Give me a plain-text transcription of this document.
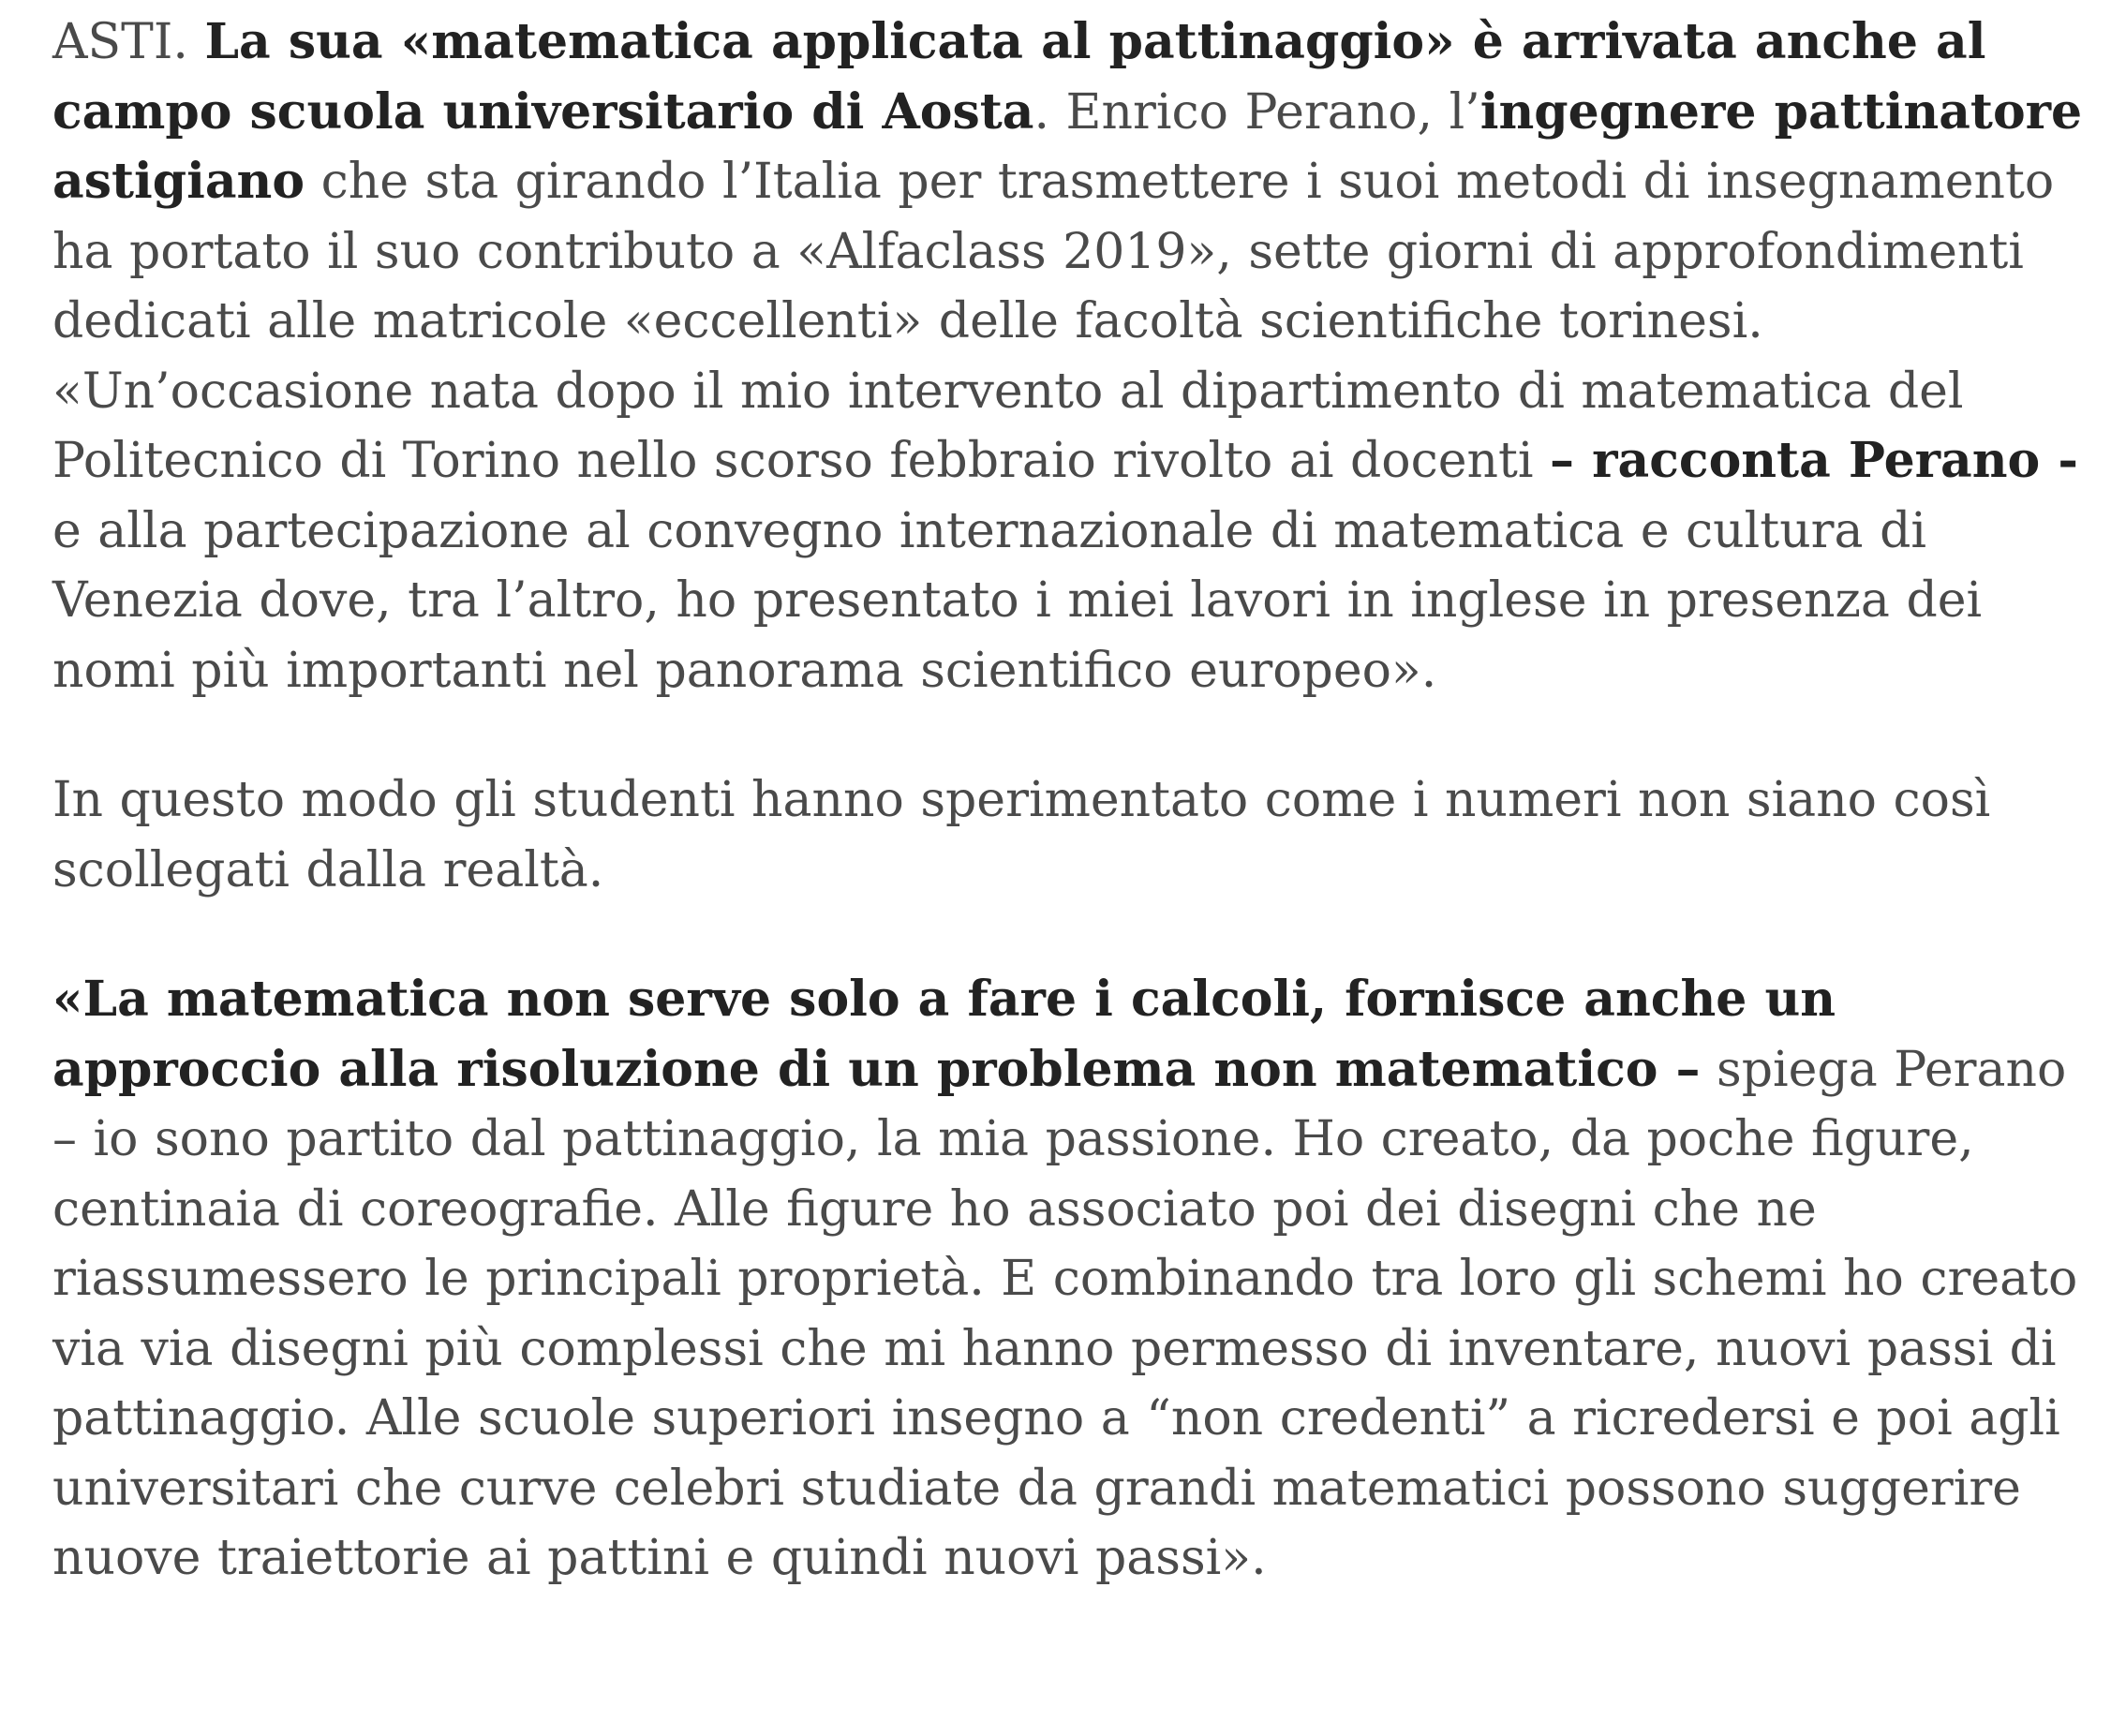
ASTI. La sua «matematica applicata al pattinaggio» è arrivata anche al campo scuola universitario di Aosta. Enrico Perano, l’ingegnere pattinatore astigiano che sta girando l’Italia per trasmettere i suoi metodi di insegnamento ha portato il suo contributo a «Alfaclass 2019», sette giorni di approfondimenti dedicati alle matricole «eccellenti» delle facoltà scientifiche torinesi. «Un’occasione nata dopo il mio intervento al dipartimento di matematica del Politecnico di Torino nello scorso febbraio rivolto ai docenti – racconta Perano - e alla partecipazione al convegno internazionale di matematica e cultura di Venezia dove, tra l’altro, ho presentato i miei lavori in inglese in presenza dei nomi più importanti nel panorama scientifico europeo».

In questo modo gli studenti hanno sperimentato come i numeri non siano così scollegati dalla realtà.

«La matematica non serve solo a fare i calcoli, fornisce anche un approccio alla risoluzione di un problema non matematico – spiega Perano – io sono partito dal pattinaggio, la mia passione. Ho creato, da poche figure, centinaia di coreografie. Alle figure ho associato poi dei disegni che ne riassumessero le principali proprietà. E combinando tra loro gli schemi ho creato via via disegni più complessi che mi hanno permesso di inventare, nuovi passi di pattinaggio. Alle scuole superiori insegno a “non credenti” a ricredersi e poi agli universitari che curve celebri studiate da grandi matematici possono suggerire nuove traiettorie ai pattini e quindi nuovi passi».
